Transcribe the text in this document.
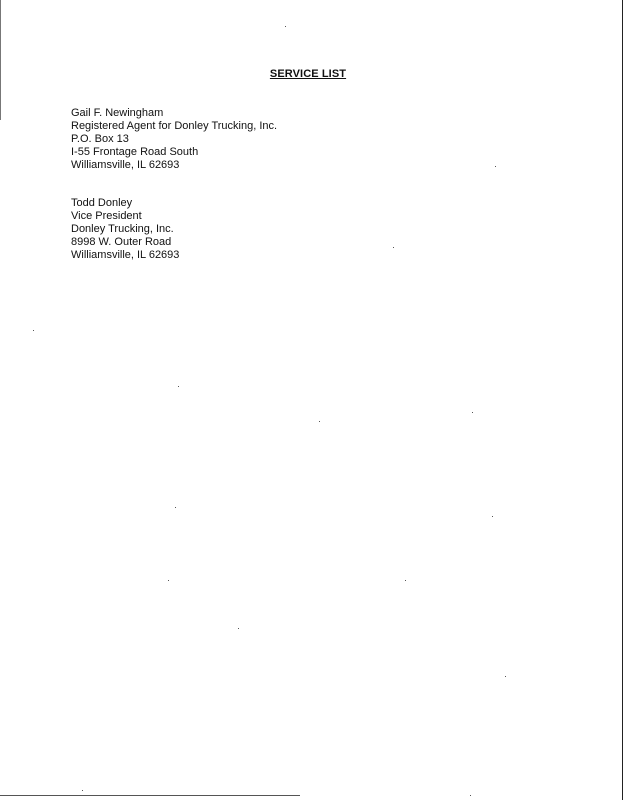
SERVICE LIST
Gail F. Newingham
Registered Agent for Donley Trucking, Inc.
P.O. Box 13
I-55 Frontage Road South
Williamsville, IL 62693
Todd Donley
Vice President
Donley Trucking, Inc.
8998 W. Outer Road
Williamsville, IL 62693
